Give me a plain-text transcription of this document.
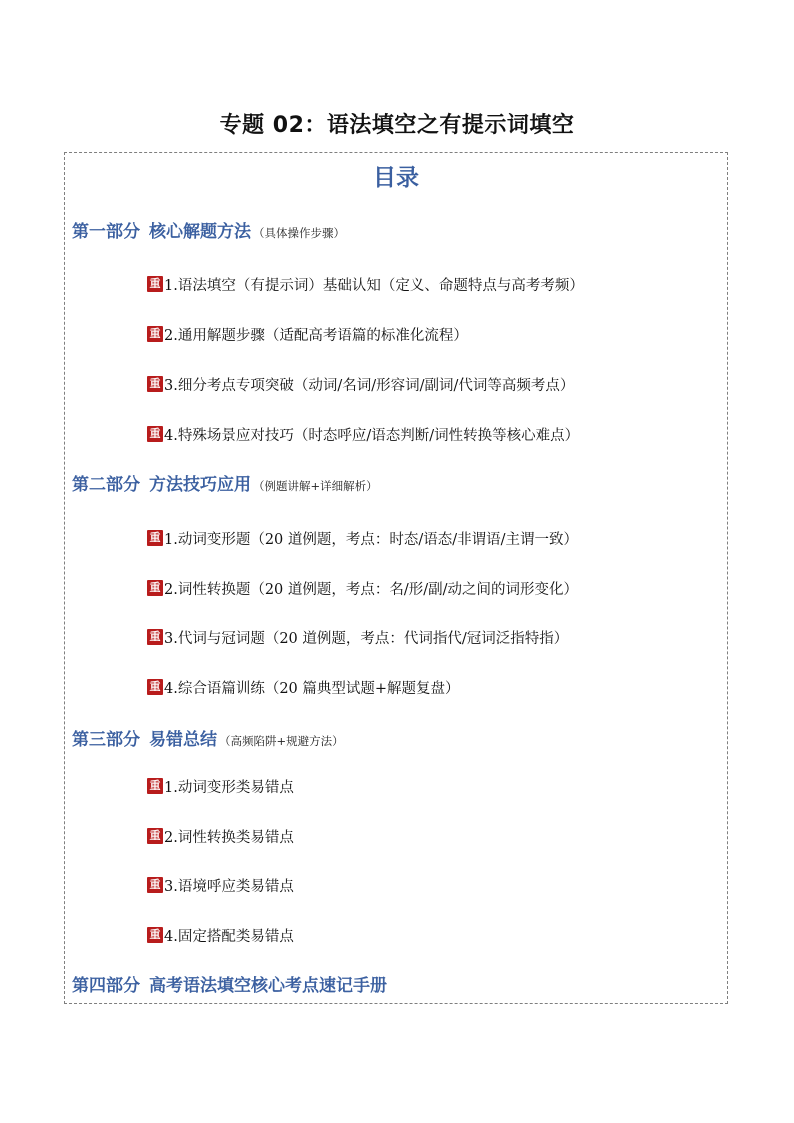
专题 02：语法填空之有提示词填空
目录
第一部分 核心解题方法 （具体操作步骤）
重 1.语法填空（有提示词）基础认知（定义、命题特点与高考考频）
重 2.通用解题步骤（适配高考语篇的标准化流程）
重 3.细分考点专项突破（动词/名词/形容词/副词/代词等高频考点）
重 4.特殊场景应对技巧（时态呼应/语态判断/词性转换等核心难点）
第二部分 方法技巧应用 （例题讲解+详细解析）
重 1.动词变形题（20 道例题，考点：时态/语态/非谓语/主谓一致）
重 2.词性转换题（20 道例题，考点：名/形/副/动之间的词形变化）
重 3.代词与冠词题（20 道例题，考点：代词指代/冠词泛指特指）
重 4.综合语篇训练（20 篇典型试题+解题复盘）
第三部分 易错总结 （高频陷阱+规避方法）
重 1.动词变形类易错点
重 2.词性转换类易错点
重 3.语境呼应类易错点
重 4.固定搭配类易错点
第四部分 高考语法填空核心考点速记手册
